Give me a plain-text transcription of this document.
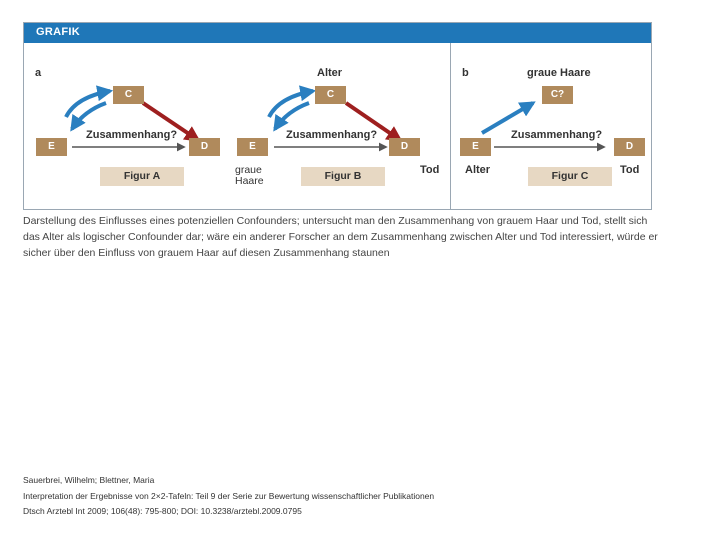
GRAFIK
a
C
E	D
Zusammenhang?
Figur A
Alter
C
E	D
Zusammenhang?
graue
Haare
Tod
Figur B
b	graue Haare
C?
E	D
Zusammenhang?
Alter	Tod
Figur C
Darstellung des Einflusses eines potenziellen Confounders; untersucht man den Zusammenhang von grauem Haar und Tod, stellt sich das Alter als logischer Confounder dar; wäre ein anderer Forscher an dem Zusammenhang zwischen Alter und Tod interessiert, würde er sicher über den Einfluss von grauem Haar auf diesen Zusammenhang staunen
Sauerbrei, Wilhelm; Blettner, Maria
Interpretation der Ergebnisse von 2×2-Tafeln: Teil 9 der Serie zur Bewertung wissenschaftlicher Publikationen
Dtsch Arztebl Int 2009; 106(48): 795-800; DOI: 10.3238/arztebl.2009.0795
